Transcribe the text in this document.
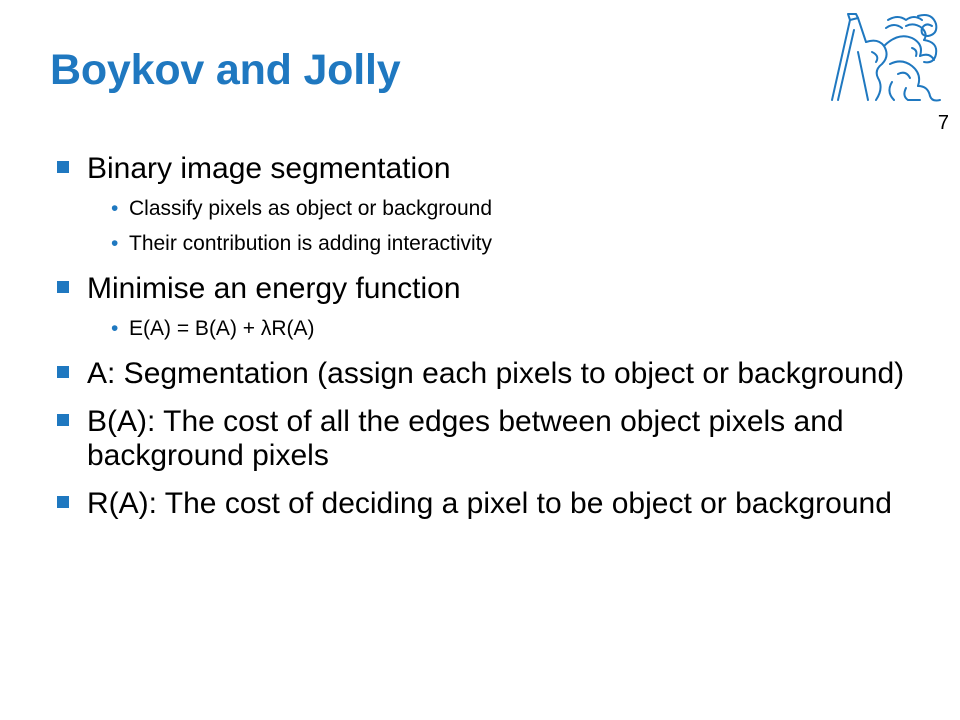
Boykov and Jolly
7
Binary image segmentation
• Classify pixels as object or background
• Their contribution is adding interactivity
Minimise an energy function
• E(A) = B(A) + λR(A)
A: Segmentation (assign each pixels to object or background)
B(A): The cost of all the edges between object pixels and background pixels
R(A): The cost of deciding a pixel to be object or background
